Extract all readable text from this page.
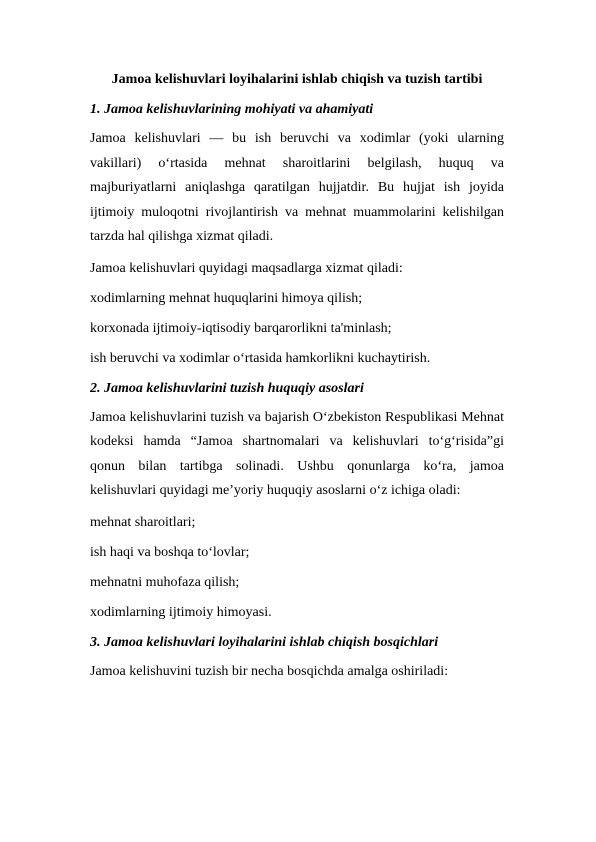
Jamoa kelishuvlari loyihalarini ishlab chiqish va tuzish tartibi
1. Jamoa kelishuvlarining mohiyati va ahamiyati
Jamoa kelishuvlari — bu ish beruvchi va xodimlar (yoki ularning vakillari) o‘rtasida mehnat sharoitlarini belgilash, huquq va majburiyatlarni aniqlashga qaratilgan hujjatdir. Bu hujjat ish joyida ijtimoiy muloqotni rivojlantirish va mehnat muammolarini kelishilgan tarzda hal qilishga xizmat qiladi.
Jamoa kelishuvlari quyidagi maqsadlarga xizmat qiladi:
xodimlarning mehnat huquqlarini himoya qilish;
korxonada ijtimoiy-iqtisodiy barqarorlikni ta'minlash;
ish beruvchi va xodimlar o‘rtasida hamkorlikni kuchaytirish.
2. Jamoa kelishuvlarini tuzish huquqiy asoslari
Jamoa kelishuvlarini tuzish va bajarish O‘zbekiston Respublikasi Mehnat kodeksi hamda “Jamoa shartnomalari va kelishuvlari to‘g‘risida”gi qonun bilan tartibga solinadi. Ushbu qonunlarga ko‘ra, jamoa kelishuvlari quyidagi me’yoriy huquqiy asoslarni o‘z ichiga oladi:
mehnat sharoitlari;
ish haqi va boshqa to‘lovlar;
mehnatni muhofaza qilish;
xodimlarning ijtimoiy himoyasi.
3. Jamoa kelishuvlari loyihalarini ishlab chiqish bosqichlari
Jamoa kelishuvini tuzish bir necha bosqichda amalga oshiriladi:
